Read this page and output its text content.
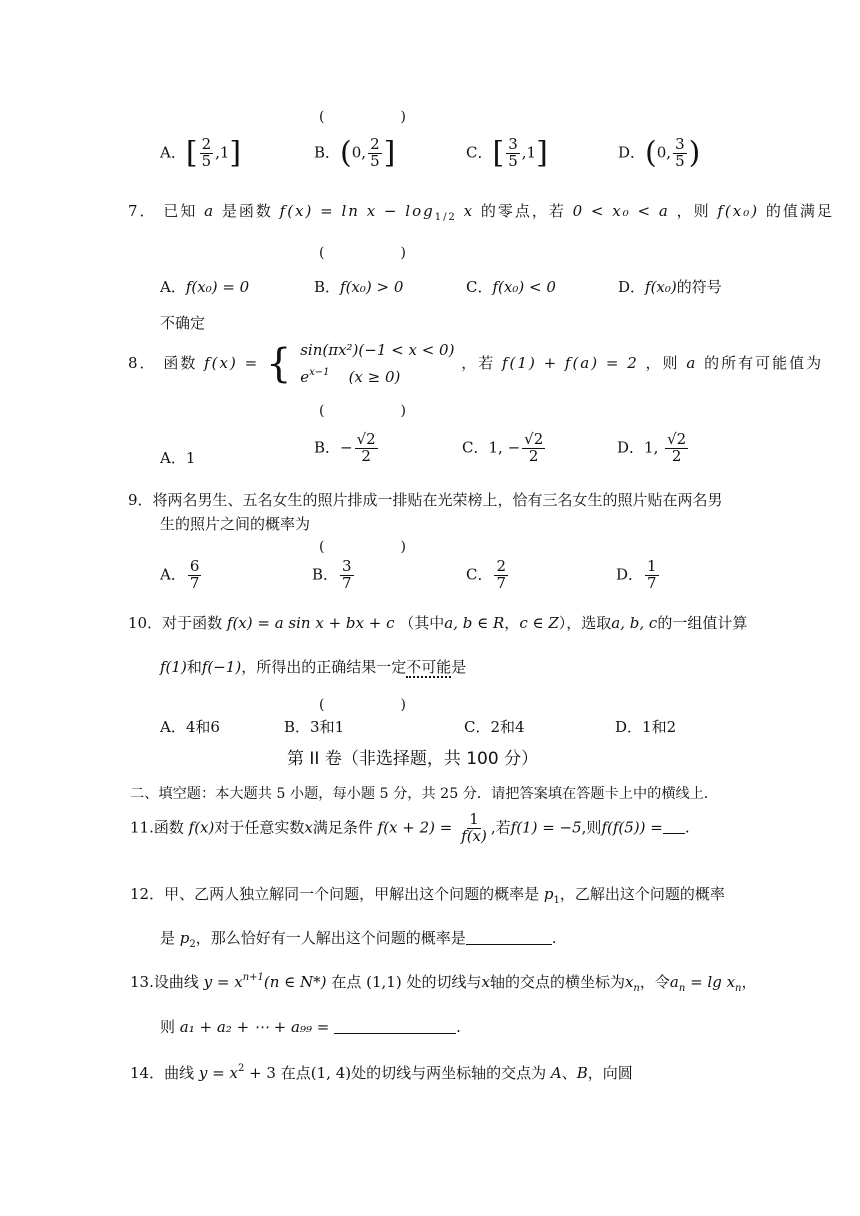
(　　)
A．[ $\frac{2}{5} ,1$]	B．(0, $\frac{2}{5}$ ]	C．[ $\frac{3}{5} ,1$]	D．(0, $\frac{3}{5}$ )
7． 已知 a 是函数 $f(x) = \ln x - \log_{1/2} x$ 的零点，若 0 < x₀ < a ，则 f(x₀) 的值满足
(　　)
A．f(x₀) = 0	B．f(x₀) > 0	C．f(x₀) < 0	D．f(x₀)的符号
不确定
8． 函数 f(x) = { sin(πx²)(−1 < x < 0)
$e^{x-1}$ (x ≥ 0)
，若 f(1) + f(a) = 2 ，则 a 的所有可能值为
(　　)
A．1
B．− $\frac{√2}{2}$	C．1, − $\frac{√2}{2}$	D．1, $\frac{√2}{2}$
9．将两名男生、五名女生的照片排成一排贴在光荣榜上，恰有三名女生的照片贴在两名男
生的照片之间的概率为
(　　)
A． $\frac{6}{7}$	B． $\frac{3}{7}$	C． $\frac{2}{7}$	D． $\frac{1}{7}$
10．对于函数 f(x) = a sin x + bx + c （其中a, b ∈ R，c ∈ Z），选取a, b, c的一组值计算
f(1)和f(−1)，所得出的正确结果一定不可能是
(　　)
A．4和6	B．3和1	C．2和4	D．1和2
第 II 卷（非选择题，共 100 分）
二、填空题：本大题共 5 小题，每小题 5 分，共 25 分．请把答案填在答题卡上中的横线上．
11.函数 f(x)对于任意实数x满足条件 $f(x + 2) = \frac{1}{f(x)}$ ,若f(1) = −5,则f(f(5)) = .
12．甲、乙两人独立解同一个问题，甲解出这个问题的概率是 $p_1$，乙解出这个问题的概率
是 $p_2$，那么恰好有一人解出这个问题的概率是	.
13.设曲线 $y = x^{n+1}(n$ ∈ N*) 在点 (1,1) 处的切线与x轴的交点的横坐标为$x_n$，令$a_n = \lg x_n$，
则 a₁ + a₂ + ⋯ + a₉₉ =	.
14．曲线 $y = x^2 + 3$ 在点(1, 4)处的切线与两坐标轴的交点为 A、B，向圆
